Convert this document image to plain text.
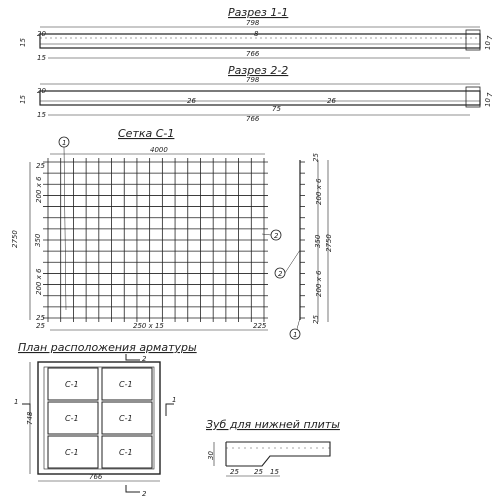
Разрез 1-1
798
766
20
15
15
8
10
7
Разрез 2-2
798
766
20
15
15
26
75
26	10
7
Сетка С-1
4000
2750
25
200 x 6
350
200 x 6
25
250 x 15
25	225
1
2
2
25
200 x 6
350
200 x 6
25
2750
1
План расположения арматуры
2
2
1	1
С-1	С-1
С-1	С-1
С-1	С-1
766
748	Зуб для нижней плиты
30
25 25 15
